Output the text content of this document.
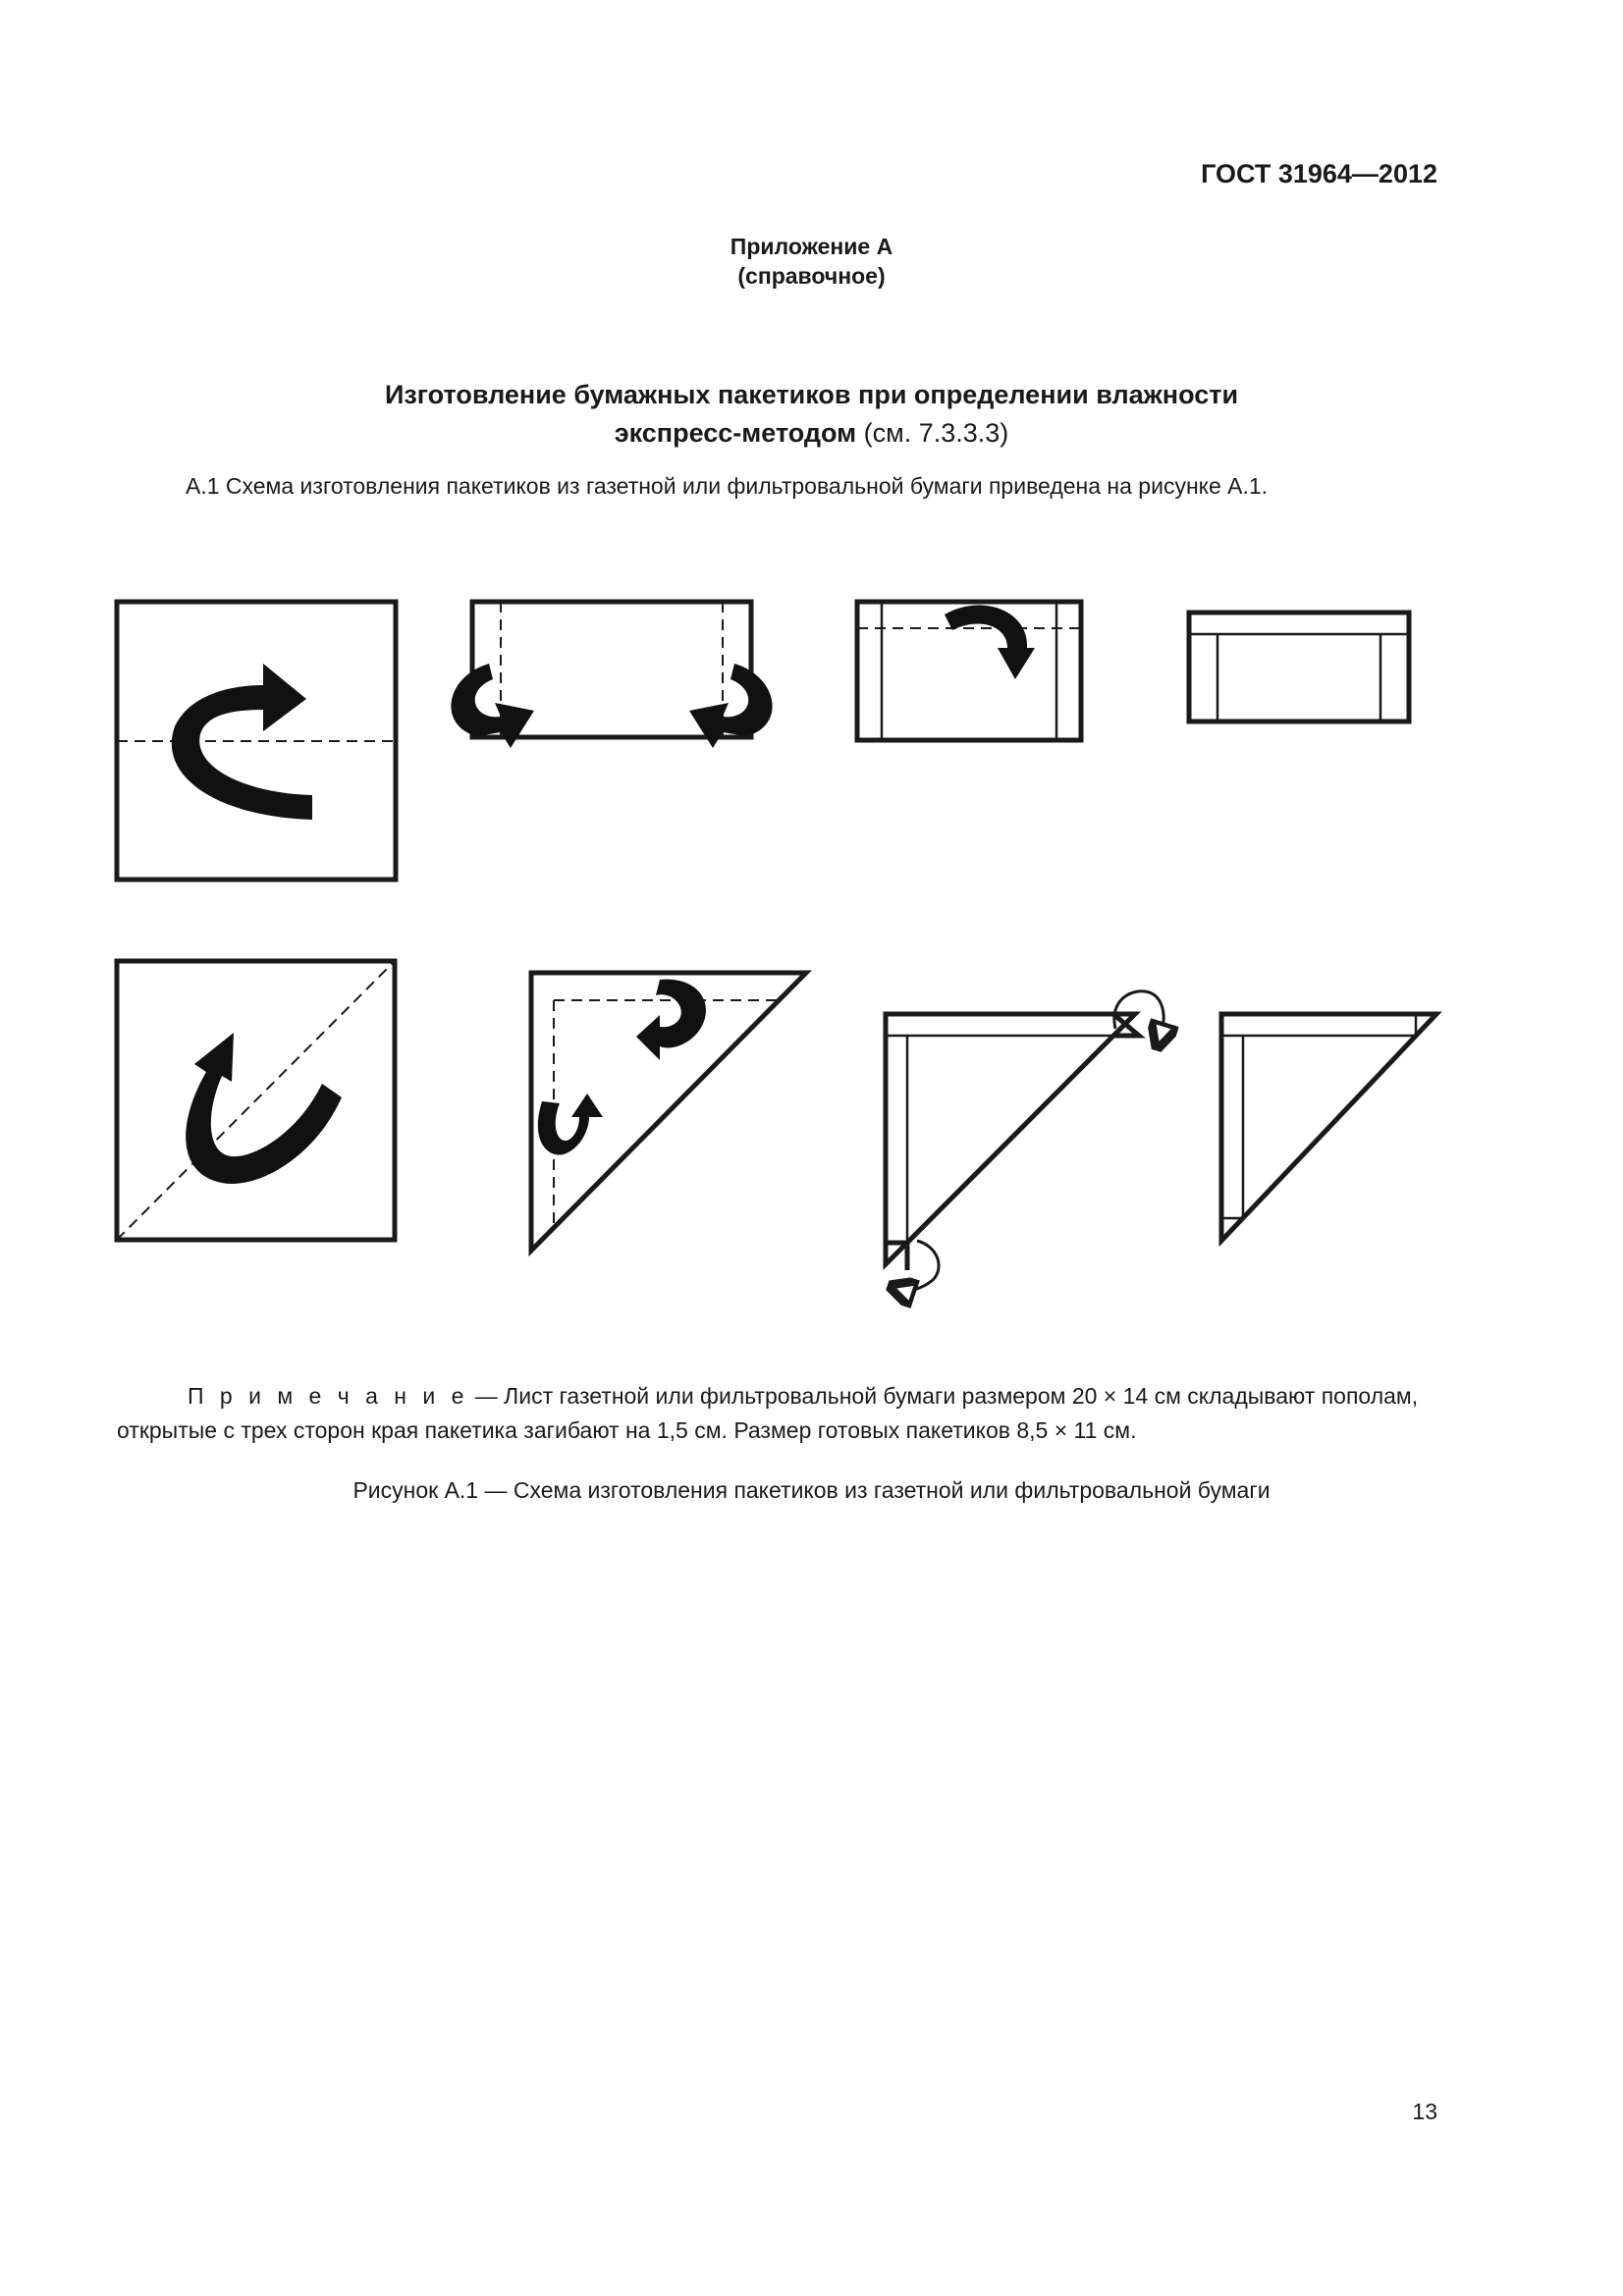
ГОСТ 31964—2012
Приложение А
(справочное)
Изготовление бумажных пакетиков при определении влажности
экспресс-методом (см. 7.3.3.3)
А.1 Схема изготовления пакетиков из газетной или фильтровальной бумаги приведена на рисунке А.1.
П р и м е ч а н и е — Лист газетной или фильтровальной бумаги размером 20 × 14 см складывают пополам,
открытые с трех сторон края пакетика загибают на 1,5 см. Размер готовых пакетиков 8,5 × 11 см.
Рисунок А.1 — Схема изготовления пакетиков из газетной или фильтровальной бумаги
13
